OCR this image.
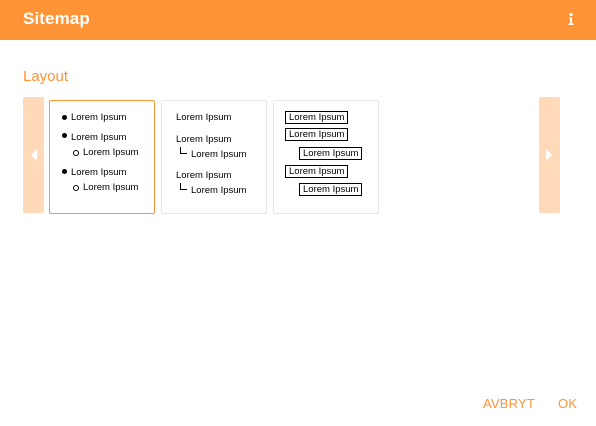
Sitemap
Layout
Lorem Ipsum
Lorem Ipsum
Lorem Ipsum
Lorem Ipsum
Lorem Ipsum
Lorem Ipsum
Lorem Ipsum
Lorem Ipsum
Lorem Ipsum
Lorem Ipsum
Lorem Ipsum
Lorem Ipsum
Lorem Ipsum
Lorem Ipsum
Lorem Ipsum
AVBRYT OK
